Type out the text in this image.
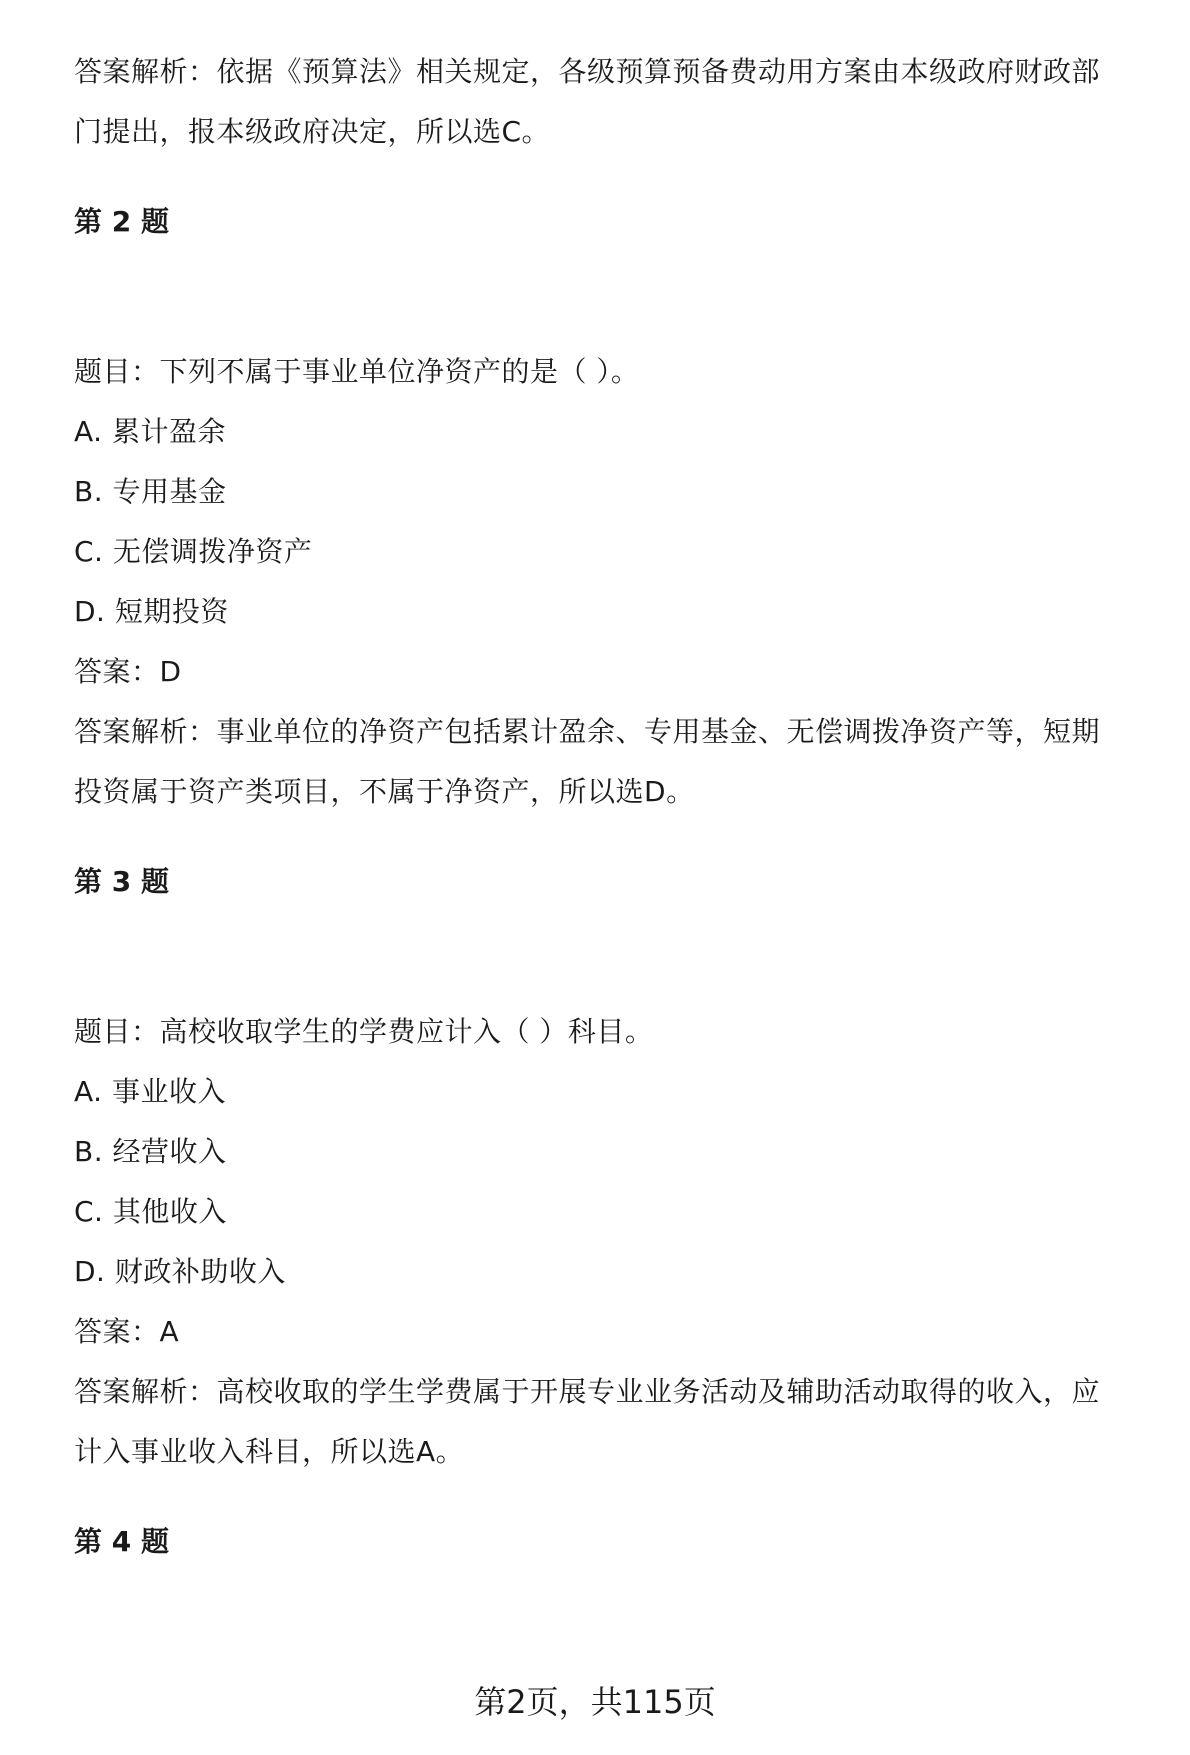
答案解析：依据《预算法》相关规定，各级预算预备费动用方案由本级政府财政部
门提出，报本级政府决定，所以选C。
第 2 题
题目：下列不属于事业单位净资产的是（ ）。
A. 累计盈余
B. 专用基金
C. 无偿调拨净资产
D. 短期投资
答案：D
答案解析：事业单位的净资产包括累计盈余、专用基金、无偿调拨净资产等，短期
投资属于资产类项目，不属于净资产，所以选D。
第 3 题
题目：高校收取学生的学费应计入（ ）科目。
A. 事业收入
B. 经营收入
C. 其他收入
D. 财政补助收入
答案：A
答案解析：高校收取的学生学费属于开展专业业务活动及辅助活动取得的收入，应
计入事业收入科目，所以选A。
第 4 题
第2页，共115页
